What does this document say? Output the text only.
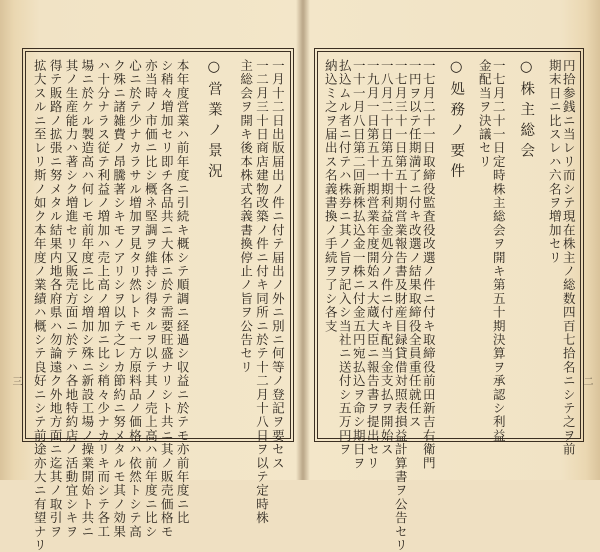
一月十二日出版届出ノ件ニ付テ届出ノ外ニ別ニ何等ノ登記ヲ要セス
一二月三十日商店建物改築ノ件ニ付キ同所ニ於テ十二月十八日ヲ以テ定時株
主総会ヲ開キ後本株式名義書換停止ノ旨ヲ公告セリ
○営業ノ景況
本年度営業ハ前年度ニ引続キ概シテ順調ニ経過シ収益ニ於テモ亦前年度ニ比
シ稍々増加セリ即チ各品共ニ大体ニ於テ需要旺盛ナリシト共ニ其ノ販売価格モ
亦当時ノ市価ニ比シ概ネ堅調ヲ維持シ得タルヲ以テ其ノ売上高ハ前年度ニ比シ
心ニ於テ少ナカラサル増加ヲ見タリ然レトモ一方原料品ノ価格ハ依然トシテ高
ク殊ニ諸雑費ノ昂騰著シキモノアリシヲ以テ之レカ節約ニ努メタルモ其ノ効果
ハ十分ナラス従テ利益ノ増加ハ売上高ノ増加ニ比シ稍々少ナカリキ而シテ各工
場ニ於ケル製造高ハ何レモ前年度ニ比シ増加シ殊ニ新設工場ノ操業開始ト共ニ
其ノ生産能力ハ著シク増進セリ又販売方面ニ於テハ各地特約店ノ活動宜シキヲ
得テ販路ノ拡張ニ努メタル結果内地各府県ハ勿論遠ク外地方面ニ迄其ノ取引ヲ
拡大スルニ至レリ斯ノ如ク本年度ノ業績ハ概シテ良好ニシテ前途亦大ニ有望ナリ
三	円拾参銭ニ当レリ而シテ現在株主ノ総数四百七拾名ニシテ之ヲ前
期末日ニ比スレハ六名ヲ増加セリ
○株主総会
一七月二十一日定時株主総会ヲ開キ第五十期決算ヲ承認シ利益
金配当ヲ決議セリ
○処務ノ要件
一七月二十一日取締役監査役改選ノ件ニ付キ取締役前田新吉右衛門
一円ヲ以テ任期満了ニ付キ改選ノ結果取締役全員重任就任ス
一七月三十一日第五十期営業報告書及財産目録貸借対照表損益計算書ヲ公告セリ
一八月二十日第五十期利益金処分ノ件ニ付キ配当金支払ヲ開始ス
一九月一日第五十一期営業年度開始ス大蔵大臣ニ報告書ヲ提出セリ
一十一月八日第二回新株払込金一株ニ付金五円宛払込ヲ命シ期日ヲ
払込ムル者ニ付テハ株券ニ其ノ旨ヲ記入シ当社ニ送付シ五万円ヲ
納込ミ之ヲ届出ス名義書換ノ手続ヲ了シ各支
二
